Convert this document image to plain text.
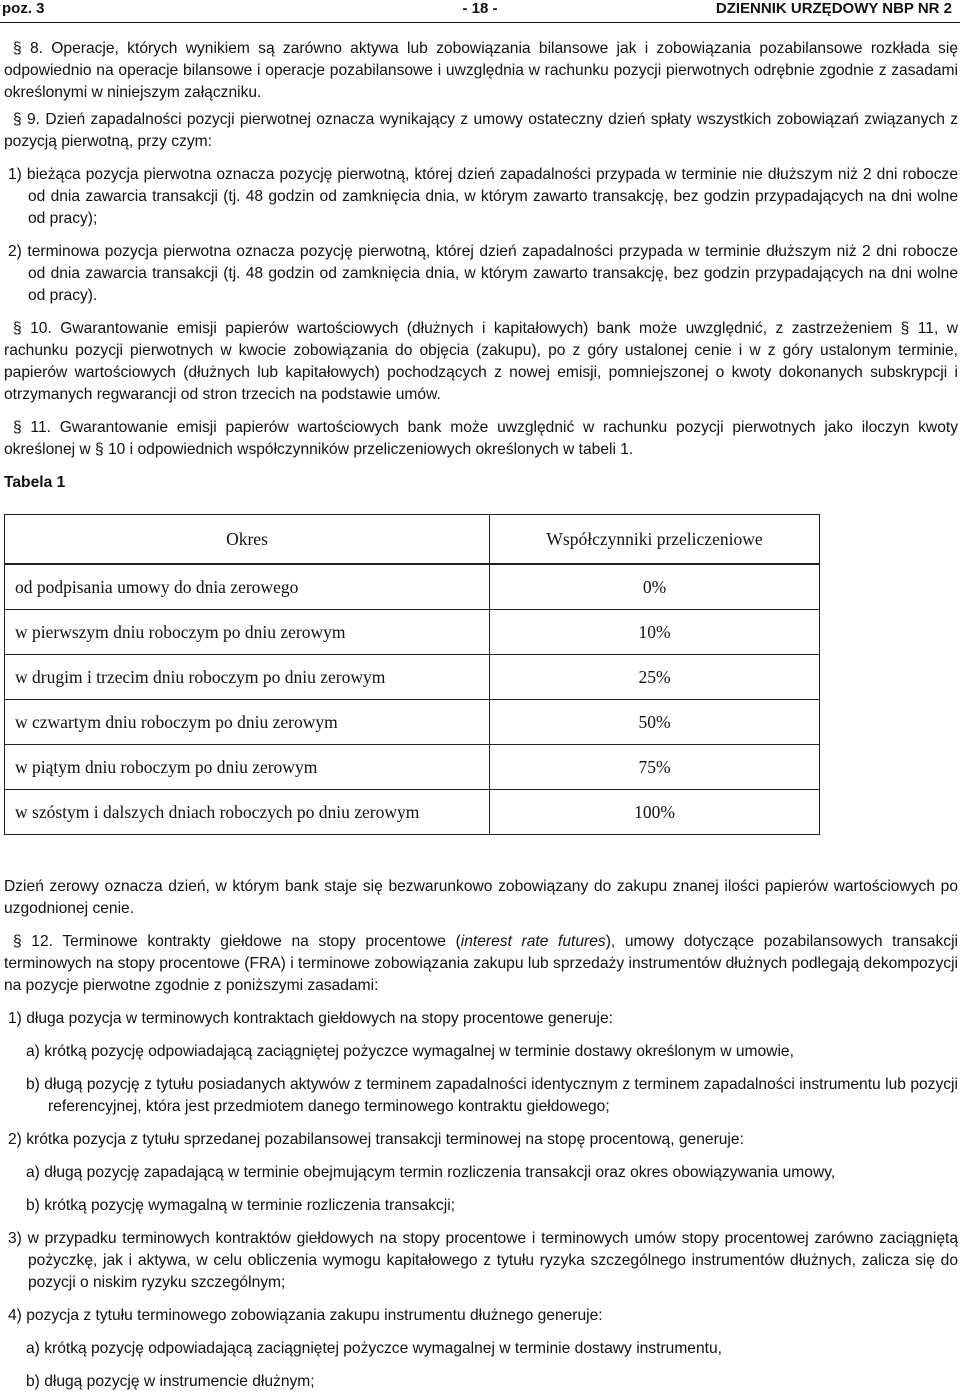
poz. 3	- 18 -	DZIENNIK URZĘDOWY NBP NR 2

§ 8. Operacje, których wynikiem są zarówno aktywa lub zobowiązania bilansowe jak i zobowiązania pozabilansowe rozkłada się odpowiednio na operacje bilansowe i operacje pozabilansowe i uwzględnia w rachunku pozycji pierwotnych odrębnie zgodnie z zasadami określonymi w niniejszym załączniku.

§ 9. Dzień zapadalności pozycji pierwotnej oznacza wynikający z umowy ostateczny dzień spłaty wszystkich zobowiązań związanych z pozycją pierwotną, przy czym:

1) bieżąca pozycja pierwotna oznacza pozycję pierwotną, której dzień zapadalności przypada w terminie nie dłuższym niż 2 dni robocze od dnia zawarcia transakcji (tj. 48 godzin od zamknięcia dnia, w którym zawarto transakcję, bez godzin przypadających na dni wolne od pracy);

2) terminowa pozycja pierwotna oznacza pozycję pierwotną, której dzień zapadalności przypada w terminie dłuższym niż 2 dni robocze od dnia zawarcia transakcji (tj. 48 godzin od zamknięcia dnia, w którym zawarto transakcję, bez godzin przypadających na dni wolne od pracy).

§ 10. Gwarantowanie emisji papierów wartościowych (dłużnych i kapitałowych) bank może uwzględnić, z zastrzeżeniem § 11, w rachunku pozycji pierwotnych w kwocie zobowiązania do objęcia (zakupu), po z góry ustalonej cenie i w z góry ustalonym terminie, papierów wartościowych (dłużnych lub kapitałowych) pochodzących z nowej emisji, pomniejszonej o kwoty dokonanych subskrypcji i otrzymanych regwarancji od stron trzecich na podstawie umów.

§ 11. Gwarantowanie emisji papierów wartościowych bank może uwzględnić w rachunku pozycji pierwotnych jako iloczyn kwoty określonej w § 10 i odpowiednich współczynników przeliczeniowych określonych w tabeli 1.

Tabela 1

Okres	Współczynniki przeliczeniowe
od podpisania umowy do dnia zerowego	0%
w pierwszym dniu roboczym po dniu zerowym	10%
w drugim i trzecim dniu roboczym po dniu zerowym	25%
w czwartym dniu roboczym po dniu zerowym	50%
w piątym dniu roboczym po dniu zerowym	75%
w szóstym i dalszych dniach roboczych po dniu zerowym	100%

Dzień zerowy oznacza dzień, w którym bank staje się bezwarunkowo zobowiązany do zakupu znanej ilości papierów wartościowych po uzgodnionej cenie.

§ 12. Terminowe kontrakty giełdowe na stopy procentowe (interest rate futures), umowy dotyczące pozabilansowych transakcji terminowych na stopy procentowe (FRA) i terminowe zobowiązania zakupu lub sprzedaży instrumentów dłużnych podlegają dekompozycji na pozycje pierwotne zgodnie z poniższymi zasadami:

1) długa pozycja w terminowych kontraktach giełdowych na stopy procentowe generuje:

a) krótką pozycję odpowiadającą zaciągniętej pożyczce wymagalnej w terminie dostawy określonym w umowie,

b) długą pozycję z tytułu posiadanych aktywów z terminem zapadalności identycznym z terminem zapadalności instrumentu lub pozycji referencyjnej, która jest przedmiotem danego terminowego kontraktu giełdowego;

2) krótka pozycja z tytułu sprzedanej pozabilansowej transakcji terminowej na stopę procentową, generuje:

a) długą pozycję zapadającą w terminie obejmującym termin rozliczenia transakcji oraz okres obowiązywania umowy,

b) krótką pozycję wymagalną w terminie rozliczenia transakcji;

3) w przypadku terminowych kontraktów giełdowych na stopy procentowe i terminowych umów stopy procentowej zarówno zaciągniętą pożyczkę, jak i aktywa, w celu obliczenia wymogu kapitałowego z tytułu ryzyka szczególnego instrumentów dłużnych, zalicza się do pozycji o niskim ryzyku szczególnym;

4) pozycja z tytułu terminowego zobowiązania zakupu instrumentu dłużnego generuje:

a) krótką pozycję odpowiadającą zaciągniętej pożyczce wymagalnej w terminie dostawy instrumentu,

b) długą pozycję w instrumencie dłużnym;
